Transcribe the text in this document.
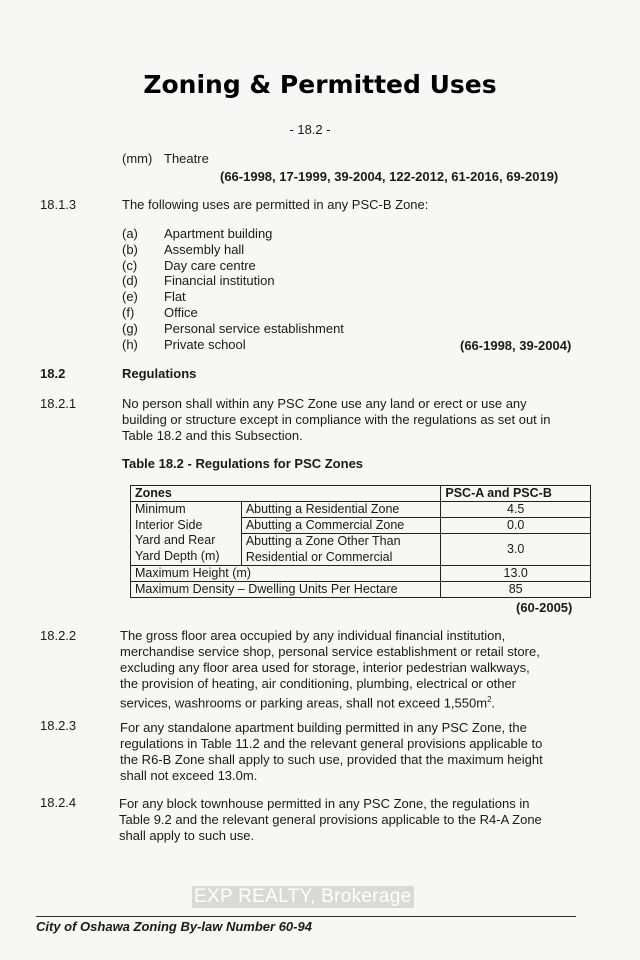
Zoning & Permitted Uses
- 18.2 -
(mm) Theatre
(66-1998, 17-1999, 39-2004, 122-2012, 61-2016, 69-2019)
18.1.3	The following uses are permitted in any PSC-B Zone:
(a) Apartment building
(b) Assembly hall
(c) Day care centre
(d) Financial institution
(e) Flat
(f) Office
(g) Personal service establishment
(h) Private school	(66-1998, 39-2004)
18.2	Regulations
18.2.1	No person shall within any PSC Zone use any land or erect or use any
building or structure except in compliance with the regulations as set out in
Table 18.2 and this Subsection.
Table 18.2 - Regulations for PSC Zones
Zones		PSC-A and PSC-B

Minimum
Interior Side
Yard and Rear
Yard Depth (m)	Abutting a Residential Zone	4.5
	Abutting a Commercial Zone	0.0

	Abutting a Zone Other Than
Residential or Commercial	3.0

Maximum Height (m)		13.0
Maximum Density – Dwelling Units Per Hectare		85
(60-2005)
18.2.2	The gross floor area occupied by any individual financial institution,
merchandise service shop, personal service establishment or retail store,
excluding any floor area used for storage, interior pedestrian walkways,
the provision of heating, air conditioning, plumbing, electrical or other
services, washrooms or parking areas, shall not exceed $1,550m^2$.
18.2.3	For any standalone apartment building permitted in any PSC Zone, the
regulations in Table 11.2 and the relevant general provisions applicable to
the R6-B Zone shall apply to such use, provided that the maximum height
shall not exceed 13.0m.
18.2.4	For any block townhouse permitted in any PSC Zone, the regulations in
Table 9.2 and the relevant general provisions applicable to the R4-A Zone
shall apply to such use.
EXP REALTY, Brokerage
City of Oshawa Zoning By-law Number 60-94
